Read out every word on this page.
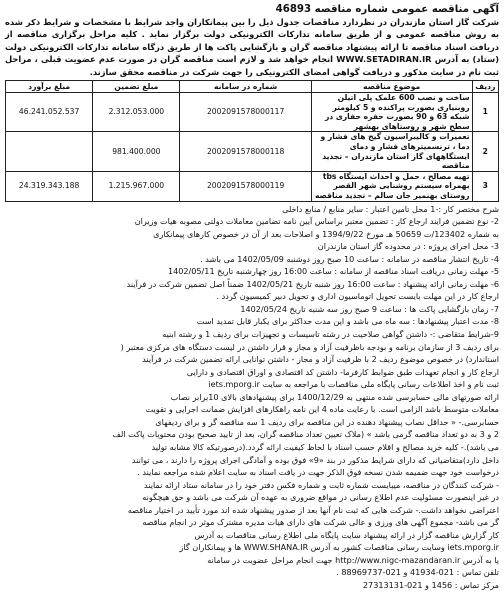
آگهی مناقصه عمومی شماره مناقصه 46893

شرکت گاز استان مازندران در نظردارد مناقصات جدول ذیل را بین پیمانکاران واجد شرایط با مشخصات و شرایط ذکر شده به روش مناقصه عمومی و از طریق سامانه تدارکات الکترونیکی دولت برگزار نماید . کلیه مراحل برگزاری مناقصه از دریافت اسناد مناقصه تا ارائه پیشنهاد مناقصه گران و بازگشایی پاکت ها از طریق درگاه سامانه تدارکات الکترونیکی دولت (ستاد) به آدرس WWW.SETADIRAN.IR انجام خواهد شد و لازم است مناقصه گران در صورت عدم عضویت قبلی ، مراحل ثبت نام در سایت مذکور و دریافت گواهی امضای الکترونیکی را جهت شرکت در مناقصه محقق سازند.

ردیف	موضوع مناقصه	شماره در سامانه	مبلغ تضمین	مبلغ برآورد
1	ساخت و نصب 600 علمک پلی اتیلن روبنیاری بصورت پراکنده و 5 کیلومتر شبکه 63 و 90 بصورت حفره حفاری در سطح شهر و روستاهای بهشهر	2002091578000117	2.312.053.000	46.241.052.537
2	تعمیرات و کالیبراسیون گیج های فشار و دما ، ترنسمیترهای فشار و دمای ایستگاههای گاز استان مازندران – تجدید مناقصه	2002091578000118	981.400.000	
3	تهیه مصالح ، حمل و احداث ایستگاه tbs بهمراه سیستم روشنایی شهر القصر روستای بهنمیر جان سالم – تجدید مناقصه	2002091578000119	1.215.967.000	24.319.343.188

شرح مختصر کار :-1 محل تامین اعتبار : سایر منابع / منابع داخلی

2- نوع تضمین فرایند ارجاع کار : تضمین معتبر براساس آیین نامه تضامین معاملات دولتی مصوبه هیات وزیران

به شماره 123402/ت 50659 هـ مورخ 1394/9/22 و اصلاحات بعد از آن در خصوص کارهای پیمانکاری

3- محل اجرای پروژه : در محدوده گاز استان مازندران

4- تاریخ انتشار مناقصه در سامانه : ساعت 10 صبح روز دوشنبه 1402/05/09 می باشد .

5- مهلت زمانی دریافت اسناد مناقصه از سامانه : ساعت 16:00 روز چهارشنبه تاریخ 1402/05/11

6- مهلت زمانی ارائه پیشنهاد : ساعت 16:00 روز شنبه تاریخ 1402/05/21 ضمناً اصل تضمین شرکت در فرآیند

ارجاع کار در این مهلت بایست تحویل اتوماسیون اداری و تحویل دبیر کمیسیون گردد .

7- زمان بازگشایی پاکت ها : ساعت 9 صبح روز سه شنبه تاریخ 1402/05/24

8- مدت اعتبار پیشنهادها : سه ماه می باشد و این مدت حداکثر برای یکبار قابل تمدید است

9-شرایط متقاضی :- داشتن گواهی صلاحیت در رشته تاسیسات و تجهیزات برای ردیف 1 و رشته ابنیه

برای ردیف 3 از سازمان برنامه و بودجه باظرفیت آزاد و مجاز و قرار داشتن در لیست دستگاه های مرکزی معتبر (

استاندارد) در خصوص موضوع ردیف 2 با ظرفیت آزاد و مجاز - داشتن توانایی ارائه تضمین شرکت در فرآیند

ارجاع کار و انجام تعهدات طبق ضوابط کارفرما- داشتن کد اقتصادی و اوراق اقتصادی و دارایی

ثبت نام و اخذ اطلاعات رسانی پایگاه ملی مناقصات با مراجعه به سایت iets.mporg.ir

ارائه صورتهای مالی حسابرسی شده منتهی به 1400/12/29 برای پیشنهادهای بالای 10برابر نصاب

معاملات متوسط باشد الزامی است. با رعایت ماده 4 این نامه راهکارهای افزایش ضمانت اجرایی و تقویت

حسابرسی.- « حداقل نصاب پیشنهاد دهنده در این مناقصه برای ردیف 1 سه مناقصه گر و برای ردیفهای

2 و 3 به دو تعداد مناقصه گرمی باشد » (ملاک تعیین تعداد مناقصه گران، بعد از تایید صحیح بودن محتویات پاکت الف

می باشد).- کلیه خرید مصالح و اقلام حسب اسناد با لحاظ کیفیت ارائه گردد.(درصورتیکه کالا مشابه تولید

داخل دارد)متقاضیانی که دارای شرایط مذکور در بند «9» فوق بوده و آمادگی اجرای پروژه را دارند ، می توانند

درخواست خود جهت ضمیمه شدن نسخه فوق الذکر جهت در یافت اسناد به سایت اعلام شده مراجعه نمایند .

- شرکت کنندگان در مناقصه، میبایست شماره ثابت و شماره فکس دفتر خود را در سامانه ستاد ارائه نمایند

در غیر اینصورت مسئولیت عدم اطلاع رسانی در مواقع ضروری به عهده آن شرکت می باشد و حق هیچگونه

اعتراضی نخواهد داشت.- شرکت هایی که ثبت نام آنها بعد از صدور پیشنهاد شده اند مورد تأیید در اختیار مناقصه

گر می باشد- مجموع آگهی های ورزی و عالی شرکت های دارای هیات مدیره مشترک موثر در انجام مناقصه

کار گزارش مناقصه گزار در ارائه پیشنهاد سایت پایگاه ملی اطلاع رسانی مناقصات به آدرس

iets.mporg.ir وسایت رسانی مناقصات کشور به آدرس WWW.SHANA.IR ها و پیمانکاران گاز

یا به آدرس http://www.nigc-mazandaran.ir جهت انجام مراحل عضویت در سامانه

تلفن تماس : 021-41934 و 021-88969737 .

مرکز تماس : 1456 و 021-27313131
